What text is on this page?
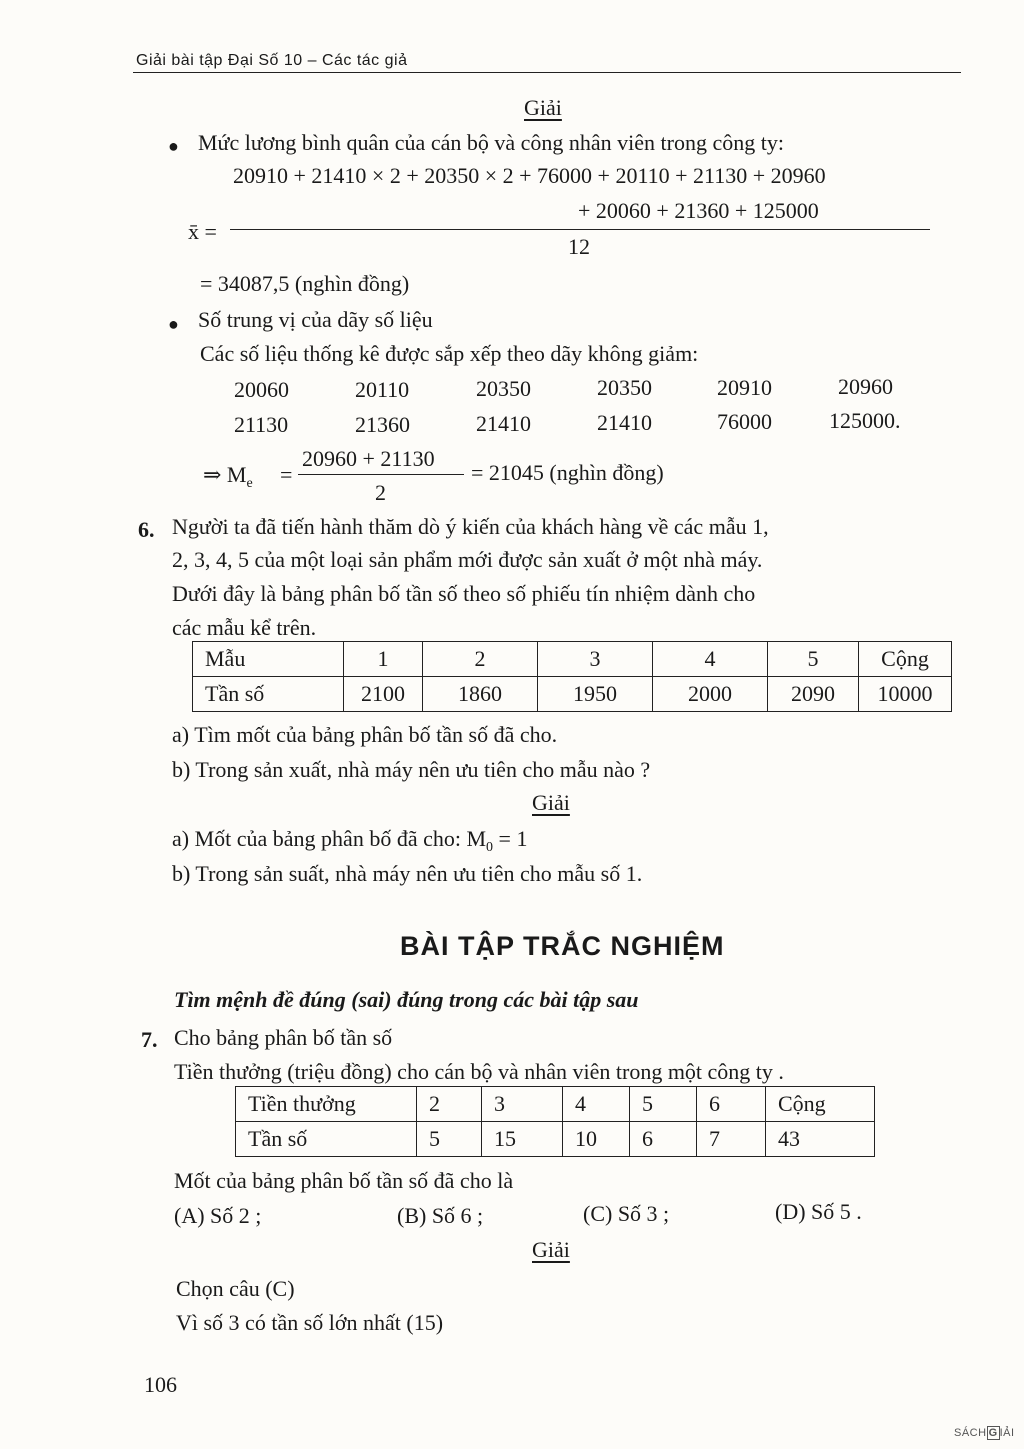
Giải bài tập Đại Số 10 – Các tác giả
Giải
● Mức lương bình quân của cán bộ và công nhân viên trong công ty:
20910 + 21410 × 2 + 20350 × 2 + 76000 + 20110 + 21130 + 20960
+ 20060 + 21360 + 125000
x̄ =
12
= 34087,5 (nghìn đồng)
● Số trung vị của dãy số liệu
Các số liệu thống kê được sắp xếp theo dãy không giảm:
20060	20110	20350	20350	20910	20960
21130	21360	21410	21410	76000	125000.
⇒ $M_e$ =
20960 + 21130
2
= 21045 (nghìn đồng)
6. Người ta đã tiến hành thăm dò ý kiến của khách hàng về các mẫu 1,
2, 3, 4, 5 của một loại sản phẩm mới được sản xuất ở một nhà máy.
Dưới đây là bảng phân bố tần số theo số phiếu tín nhiệm dành cho
các mẫu kể trên.
Mẫu	1	2	3	4	5	Cộng
Tần số	2100	1860	1950	2000	2090	10000
a) Tìm mốt của bảng phân bố tần số đã cho.
b) Trong sản xuất, nhà máy nên ưu tiên cho mẫu nào ?
Giải
a) Mốt của bảng phân bố đã cho: $M_0 = 1$
b) Trong sản suất, nhà máy nên ưu tiên cho mẫu số 1.
BÀI TẬP TRẮC NGHIỆM
Tìm mệnh đề đúng (sai) đúng trong các bài tập sau
7. Cho bảng phân bố tần số
Tiền thưởng (triệu đồng) cho cán bộ và nhân viên trong một công ty .
Tiền thưởng	2	3	4	5	6	Cộng
Tần số	5	15	10	6	7	43
Mốt của bảng phân bố tần số đã cho là
(A) Số 2 ;	(B) Số 6 ;	(C) Số 3 ;	(D) Số 5 .
Giải
Chọn câu (C)
Vì số 3 có tần số lớn nhất (15)
106
SÁCH G IẢI
